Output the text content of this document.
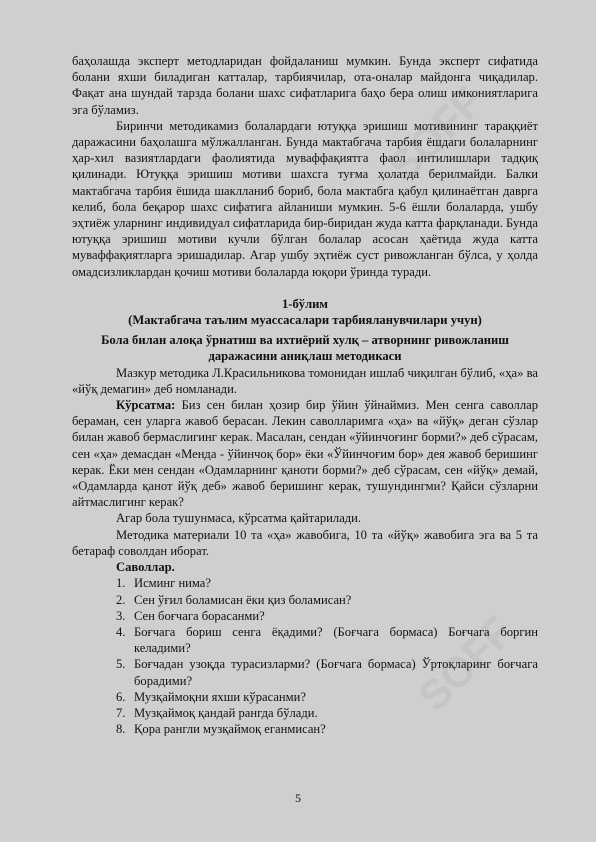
SOFF
SOFF

баҳолашда эксперт методларидан фойдаланиш мумкин. Бунда эксперт сифатида болани яхши биладиган катталар, тарбиячилар, ота-оналар майдонга чиқадилар. Фақат ана шундай тарзда болани шахс сифатларига баҳо бера олиш имкониятларига эга бўламиз.

Биринчи методикамиз болалардаги ютуққа эришиш мотивининг тараққиёт даражасини баҳолашга мўлжалланган. Бунда мактабгача тарбия ёшдаги болаларнинг ҳар-хил вазиятлардаги фаолиятида муваффақиятга фаол интилишлари тадқиқ қилинади. Ютуққа эришиш мотиви шахсга туғма ҳолатда берилмайди. Балки мактабгача тарбия ёшида шаклланиб бориб, бола мактабга қабул қилинаётган даврга келиб, бола беқарор шахс сифатига айланиши мумкин. 5-6 ёшли болаларда, ушбу эҳтиёж уларнинг индивидуал сифатларида бир-биридан жуда катта фарқланади. Бунда ютуққа эришиш мотиви кучли бўлган болалар асосан ҳаётида жуда катта муваффақиятларга эришадилар. Агар ушбу эҳтиёж суст ривожланган бўлса, у ҳолда омадсизликлардан қочиш мотиви болаларда юқори ўринда туради.

1-бўлим
(Мактабгача таълим муассасалари тарбияланувчилари учун)
Бола билан алоқа ўрнатиш ва ихтиёрий хулқ – атворнинг ривожланиш даражасини аниқлаш методикаси

Мазкур методика Л.Красильникова томонидан ишлаб чиқилган бўлиб, «ҳа» ва «йўқ демагин» деб номланади.

Кўрсатма: Биз сен билан ҳозир бир ўйин ўйнаймиз. Мен сенга саволлар бераман, сен уларга жавоб берасан. Лекин саволларимга «ҳа» ва «йўқ» деган сўзлар билан жавоб бермаслигинг керак. Масалан, сендан «ўйинчоғинг борми?» деб сўрасам, сен «ҳа» демасдан «Менда - ўйинчоқ бор» ёки «Ўйинчоғим бор» дея жавоб беришинг керак. Ёки мен сендан «Одамларнинг қаноти борми?» деб сўрасам, сен «йўқ» демай, «Одамларда қанот йўқ деб» жавоб беришинг керак, тушундингми? Қайси сўзларни айтмаслигинг керак?

Агар бола тушунмаса, кўрсатма қайтарилади.

Методика материали 10 та «ҳа» жавобига, 10 та «йўқ» жавобига эга ва 5 та бетараф соволдан иборат.

Саволлар.
1. Исминг нима?
2. Сен ўғил боламисан ёки қиз боламисан?
3. Сен боғчага борасанми?
4. Боғчага бориш сенга ёқадими? (Боғчага бормаса) Боғчага боргин келадими?
5. Боғчадан узоқда турасизларми? (Боғчага бормаса) Ўртоқларинг боғчага борадими?
6. Музқаймоқни яхши кўрасанми?
7. Музқаймоқ қандай рангда бўлади.
8. Қора рангли музқаймоқ еганмисан?
5
